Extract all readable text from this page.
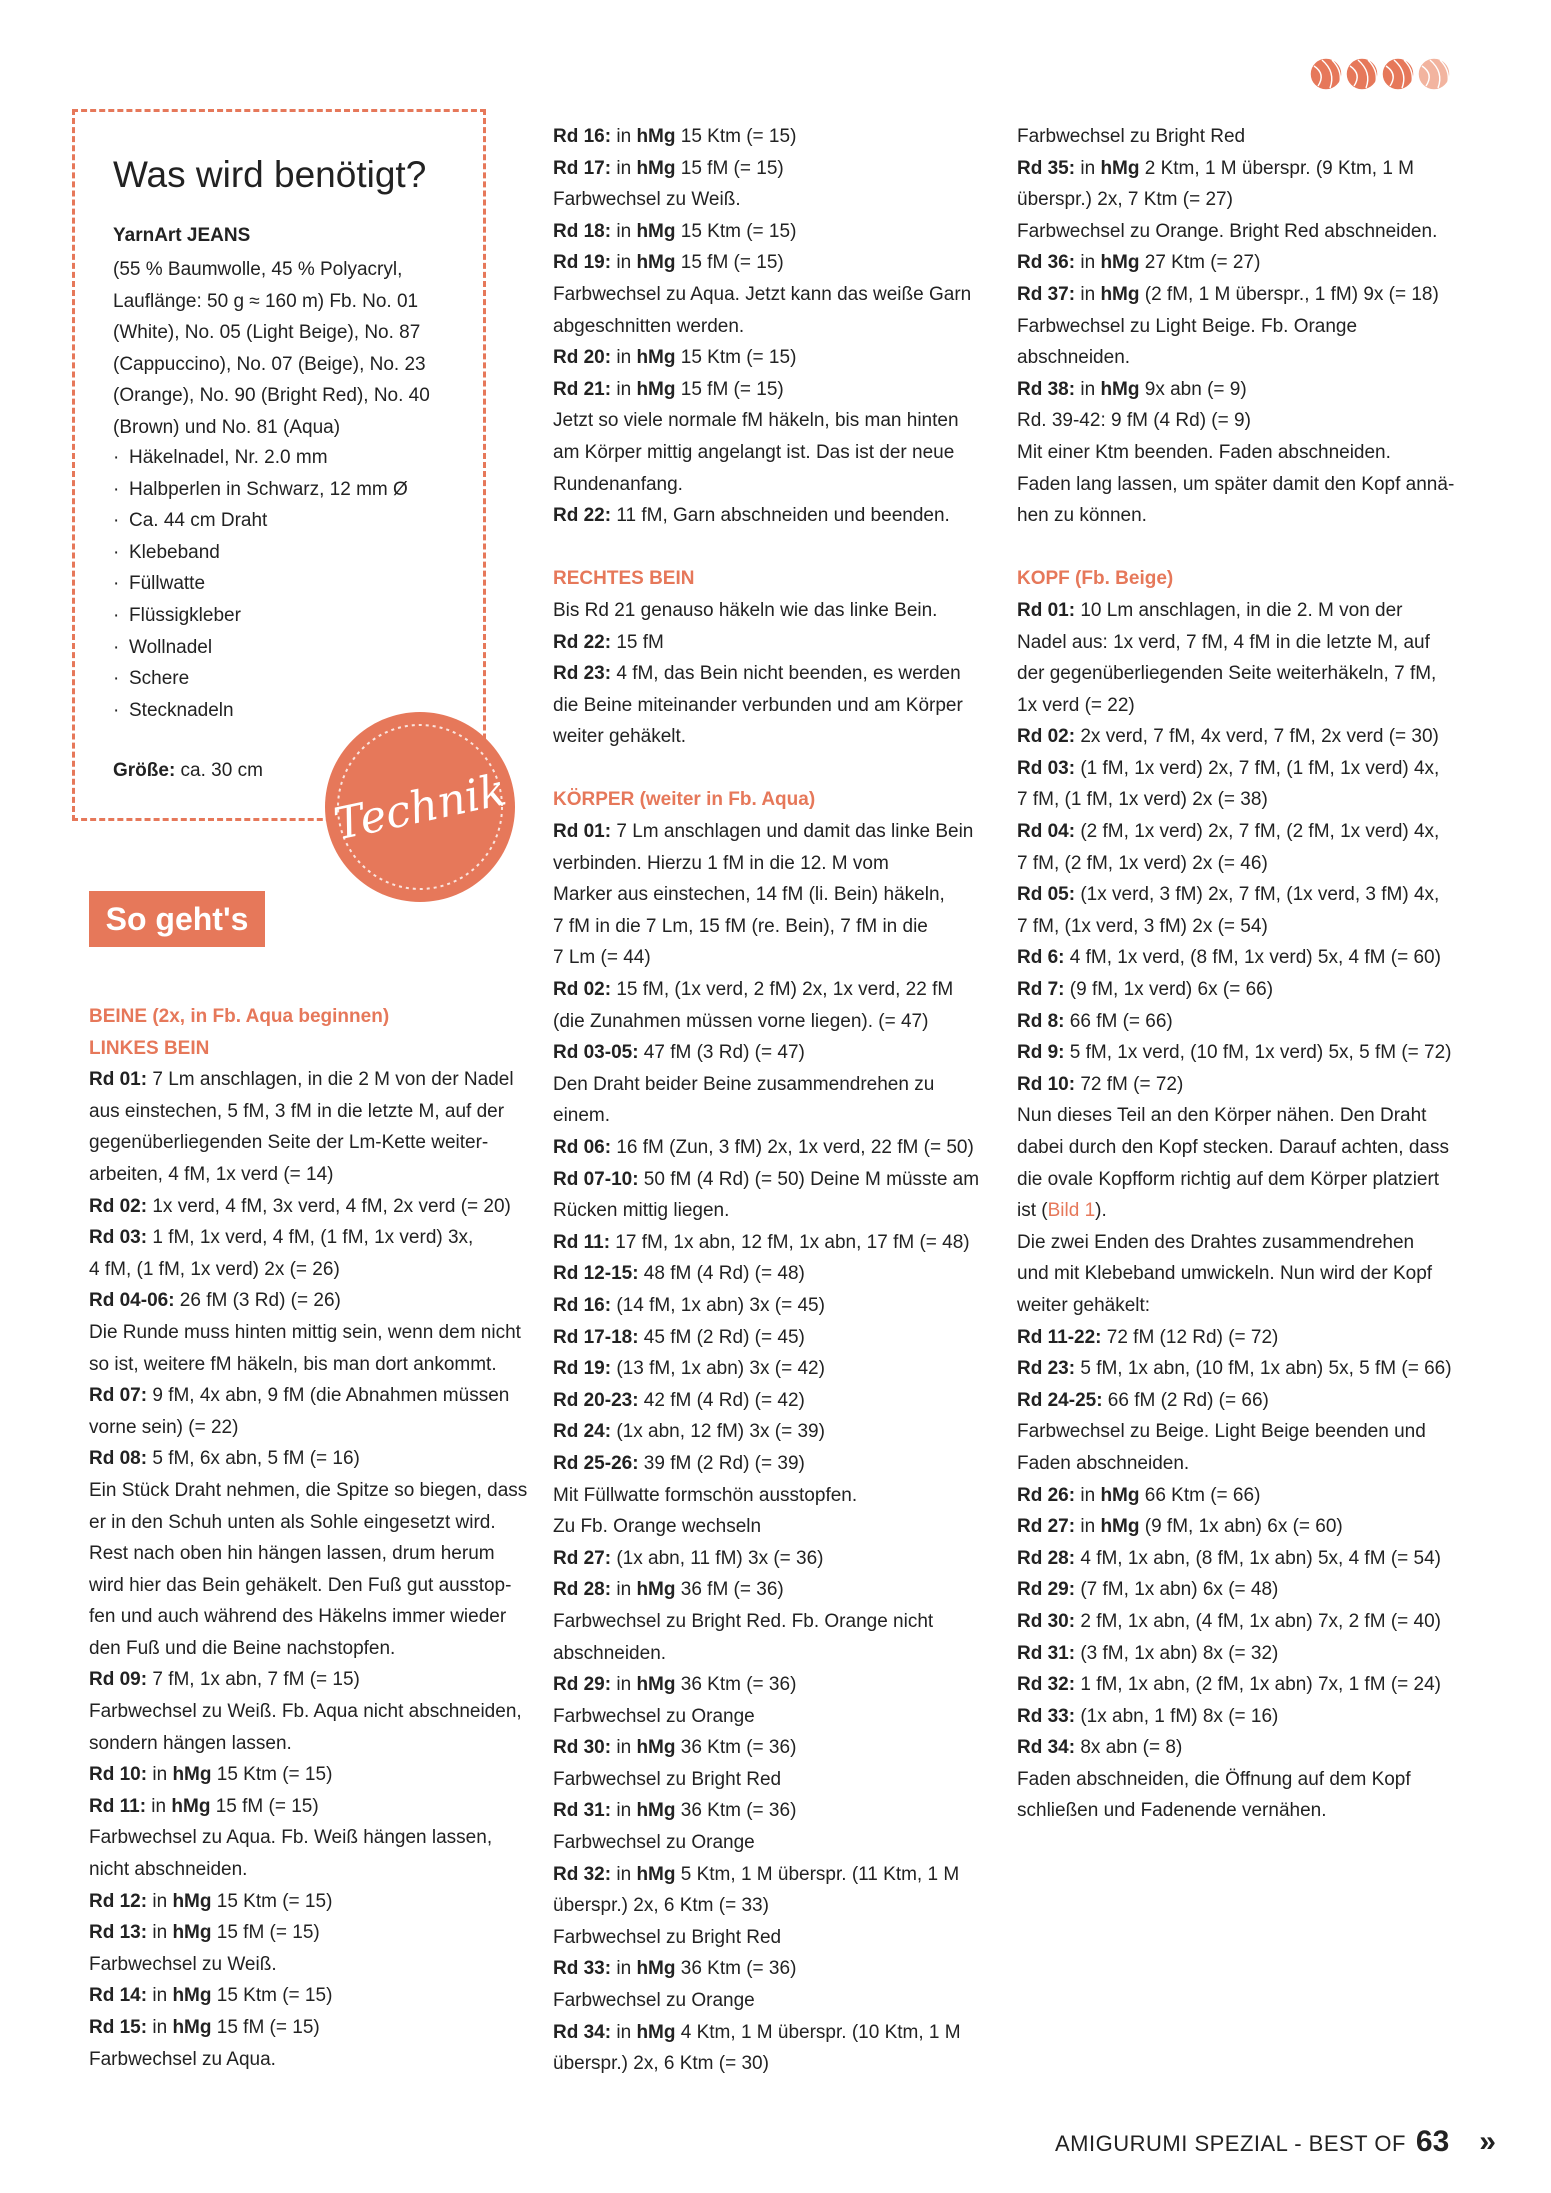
Was wird benötigt?

YarnArt JEANS

(55 % Baumwolle, 45 % Polyacryl,
Lauflänge: 50 g ≈ 160 m) Fb. No. 01
(White), No. 05 (Light Beige), No. 87
(Cappuccino), No. 07 (Beige), No. 23
(Orange), No. 90 (Bright Red), No. 40
(Brown) und No. 81 (Aqua)
· Häkelnadel, Nr. 2.0 mm
· Halbperlen in Schwarz, 12 mm Ø
· Ca. 44 cm Draht
· Klebeband
· Füllwatte
· Flüssigkleber
· Wollnadel
· Schere
· Stecknadeln

Größe: ca. 30 cm	Technik
So geht's

BEINE (2x, in Fb. Aqua beginnen)

LINKES BEIN

Rd 01: 7 Lm anschlagen, in die 2 M von der Nadel

aus einstechen, 5 fM, 3 fM in die letzte M, auf der

gegenüberliegenden Seite der Lm-Kette weiter-

arbeiten, 4 fM, 1x verd (= 14)

Rd 02: 1x verd, 4 fM, 3x verd, 4 fM, 2x verd (= 20)

Rd 03: 1 fM, 1x verd, 4 fM, (1 fM, 1x verd) 3x,

4 fM, (1 fM, 1x verd) 2x (= 26)

Rd 04-06: 26 fM (3 Rd) (= 26)

Die Runde muss hinten mittig sein, wenn dem nicht

so ist, weitere fM häkeln, bis man dort ankommt.

Rd 07: 9 fM, 4x abn, 9 fM (die Abnahmen müssen

vorne sein) (= 22)

Rd 08: 5 fM, 6x abn, 5 fM (= 16)

Ein Stück Draht nehmen, die Spitze so biegen, dass

er in den Schuh unten als Sohle eingesetzt wird.

Rest nach oben hin hängen lassen, drum herum

wird hier das Bein gehäkelt. Den Fuß gut ausstop-

fen und auch während des Häkelns immer wieder

den Fuß und die Beine nachstopfen.

Rd 09: 7 fM, 1x abn, 7 fM (= 15)

Farbwechsel zu Weiß. Fb. Aqua nicht abschneiden,

sondern hängen lassen.

Rd 10: in hMg 15 Ktm (= 15)

Rd 11: in hMg 15 fM (= 15)

Farbwechsel zu Aqua. Fb. Weiß hängen lassen,

nicht abschneiden.

Rd 12: in hMg 15 Ktm (= 15)

Rd 13: in hMg 15 fM (= 15)

Farbwechsel zu Weiß.

Rd 14: in hMg 15 Ktm (= 15)

Rd 15: in hMg 15 fM (= 15)

Farbwechsel zu Aqua.

Rd 16: in hMg 15 Ktm (= 15)

Rd 17: in hMg 15 fM (= 15)

Farbwechsel zu Weiß.

Rd 18: in hMg 15 Ktm (= 15)

Rd 19: in hMg 15 fM (= 15)

Farbwechsel zu Aqua. Jetzt kann das weiße Garn

abgeschnitten werden.

Rd 20: in hMg 15 Ktm (= 15)

Rd 21: in hMg 15 fM (= 15)

Jetzt so viele normale fM häkeln, bis man hinten

am Körper mittig angelangt ist. Das ist der neue

Rundenanfang.

Rd 22: 11 fM, Garn abschneiden und beenden.

RECHTES BEIN

Bis Rd 21 genauso häkeln wie das linke Bein.

Rd 22: 15 fM

Rd 23: 4 fM, das Bein nicht beenden, es werden

die Beine miteinander verbunden und am Körper

weiter gehäkelt.

KÖRPER (weiter in Fb. Aqua)

Rd 01: 7 Lm anschlagen und damit das linke Bein

verbinden. Hierzu 1 fM in die 12. M vom

Marker aus einstechen, 14 fM (li. Bein) häkeln,

7 fM in die 7 Lm, 15 fM (re. Bein), 7 fM in die

7 Lm (= 44)

Rd 02: 15 fM, (1x verd, 2 fM) 2x, 1x verd, 22 fM

(die Zunahmen müssen vorne liegen). (= 47)

Rd 03-05: 47 fM (3 Rd) (= 47)

Den Draht beider Beine zusammendrehen zu

einem.

Rd 06: 16 fM (Zun, 3 fM) 2x, 1x verd, 22 fM (= 50)

Rd 07-10: 50 fM (4 Rd) (= 50) Deine M müsste am

Rücken mittig liegen.

Rd 11: 17 fM, 1x abn, 12 fM, 1x abn, 17 fM (= 48)

Rd 12-15: 48 fM (4 Rd) (= 48)

Rd 16: (14 fM, 1x abn) 3x (= 45)

Rd 17-18: 45 fM (2 Rd) (= 45)

Rd 19: (13 fM, 1x abn) 3x (= 42)

Rd 20-23: 42 fM (4 Rd) (= 42)

Rd 24: (1x abn, 12 fM) 3x (= 39)

Rd 25-26: 39 fM (2 Rd) (= 39)

Mit Füllwatte formschön ausstopfen.

Zu Fb. Orange wechseln

Rd 27: (1x abn, 11 fM) 3x (= 36)

Rd 28: in hMg 36 fM (= 36)

Farbwechsel zu Bright Red. Fb. Orange nicht

abschneiden.

Rd 29: in hMg 36 Ktm (= 36)

Farbwechsel zu Orange

Rd 30: in hMg 36 Ktm (= 36)

Farbwechsel zu Bright Red

Rd 31: in hMg 36 Ktm (= 36)

Farbwechsel zu Orange

Rd 32: in hMg 5 Ktm, 1 M überspr. (11 Ktm, 1 M

überspr.) 2x, 6 Ktm (= 33)

Farbwechsel zu Bright Red

Rd 33: in hMg 36 Ktm (= 36)

Farbwechsel zu Orange

Rd 34: in hMg 4 Ktm, 1 M überspr. (10 Ktm, 1 M

überspr.) 2x, 6 Ktm (= 30)

Farbwechsel zu Bright Red

Rd 35: in hMg 2 Ktm, 1 M überspr. (9 Ktm, 1 M

überspr.) 2x, 7 Ktm (= 27)

Farbwechsel zu Orange. Bright Red abschneiden.

Rd 36: in hMg 27 Ktm (= 27)

Rd 37: in hMg (2 fM, 1 M überspr., 1 fM) 9x (= 18)

Farbwechsel zu Light Beige. Fb. Orange

abschneiden.

Rd 38: in hMg 9x abn (= 9)

Rd. 39-42: 9 fM (4 Rd) (= 9)

Mit einer Ktm beenden. Faden abschneiden.

Faden lang lassen, um später damit den Kopf annä-

hen zu können.

KOPF (Fb. Beige)

Rd 01: 10 Lm anschlagen, in die 2. M von der

Nadel aus: 1x verd, 7 fM, 4 fM in die letzte M, auf

der gegenüberliegenden Seite weiterhäkeln, 7 fM,

1x verd (= 22)

Rd 02: 2x verd, 7 fM, 4x verd, 7 fM, 2x verd (= 30)

Rd 03: (1 fM, 1x verd) 2x, 7 fM, (1 fM, 1x verd) 4x,

7 fM, (1 fM, 1x verd) 2x (= 38)

Rd 04: (2 fM, 1x verd) 2x, 7 fM, (2 fM, 1x verd) 4x,

7 fM, (2 fM, 1x verd) 2x (= 46)

Rd 05: (1x verd, 3 fM) 2x, 7 fM, (1x verd, 3 fM) 4x,

7 fM, (1x verd, 3 fM) 2x (= 54)

Rd 6: 4 fM, 1x verd, (8 fM, 1x verd) 5x, 4 fM (= 60)

Rd 7: (9 fM, 1x verd) 6x (= 66)

Rd 8: 66 fM (= 66)

Rd 9: 5 fM, 1x verd, (10 fM, 1x verd) 5x, 5 fM (= 72)

Rd 10: 72 fM (= 72)

Nun dieses Teil an den Körper nähen. Den Draht

dabei durch den Kopf stecken. Darauf achten, dass

die ovale Kopfform richtig auf dem Körper platziert

ist (Bild 1).

Die zwei Enden des Drahtes zusammendrehen

und mit Klebeband umwickeln. Nun wird der Kopf

weiter gehäkelt:

Rd 11-22: 72 fM (12 Rd) (= 72)

Rd 23: 5 fM, 1x abn, (10 fM, 1x abn) 5x, 5 fM (= 66)

Rd 24-25: 66 fM (2 Rd) (= 66)

Farbwechsel zu Beige. Light Beige beenden und

Faden abschneiden.

Rd 26: in hMg 66 Ktm (= 66)

Rd 27: in hMg (9 fM, 1x abn) 6x (= 60)

Rd 28: 4 fM, 1x abn, (8 fM, 1x abn) 5x, 4 fM (= 54)

Rd 29: (7 fM, 1x abn) 6x (= 48)

Rd 30: 2 fM, 1x abn, (4 fM, 1x abn) 7x, 2 fM (= 40)

Rd 31: (3 fM, 1x abn) 8x (= 32)

Rd 32: 1 fM, 1x abn, (2 fM, 1x abn) 7x, 1 fM (= 24)

Rd 33: (1x abn, 1 fM) 8x (= 16)

Rd 34: 8x abn (= 8)

Faden abschneiden, die Öffnung auf dem Kopf

schließen und Fadenende vernähen.

AMIGURUMI SPEZIAL - BEST OF 63 »
